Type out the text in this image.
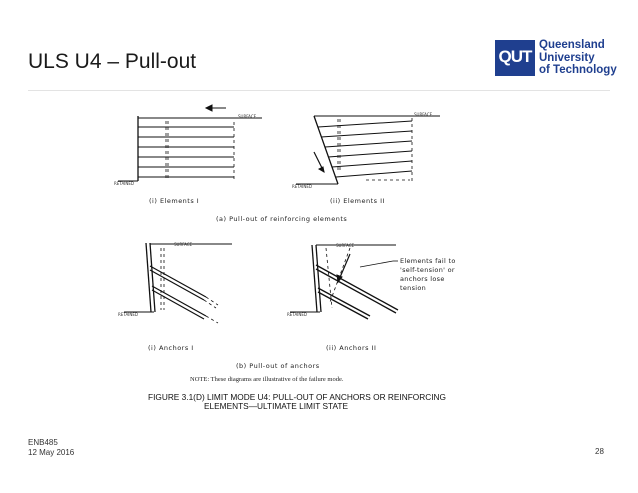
ULS U4 – Pull-out	QUT
Queensland
University
of Technology
SURFACE
RETAINED
SURFACE
RETAINED
SURFACE
RETAINED
SURFACE
RETAINED
(i) Elements I	(ii) Elements II
(a) Pull-out of reinforcing elements
(i) Anchors I	(ii) Anchors II
(b) Pull-out of anchors
Elements fail to
'self-tension' or
anchors lose
tension
NOTE: These diagrams are illustrative of the failure mode.
FIGURE 3.1(D) LIMIT MODE U4: PULL-OUT OF ANCHORS OR REINFORCING
ELEMENTS—ULTIMATE LIMIT STATE
ENB485
12 May 2016	28
